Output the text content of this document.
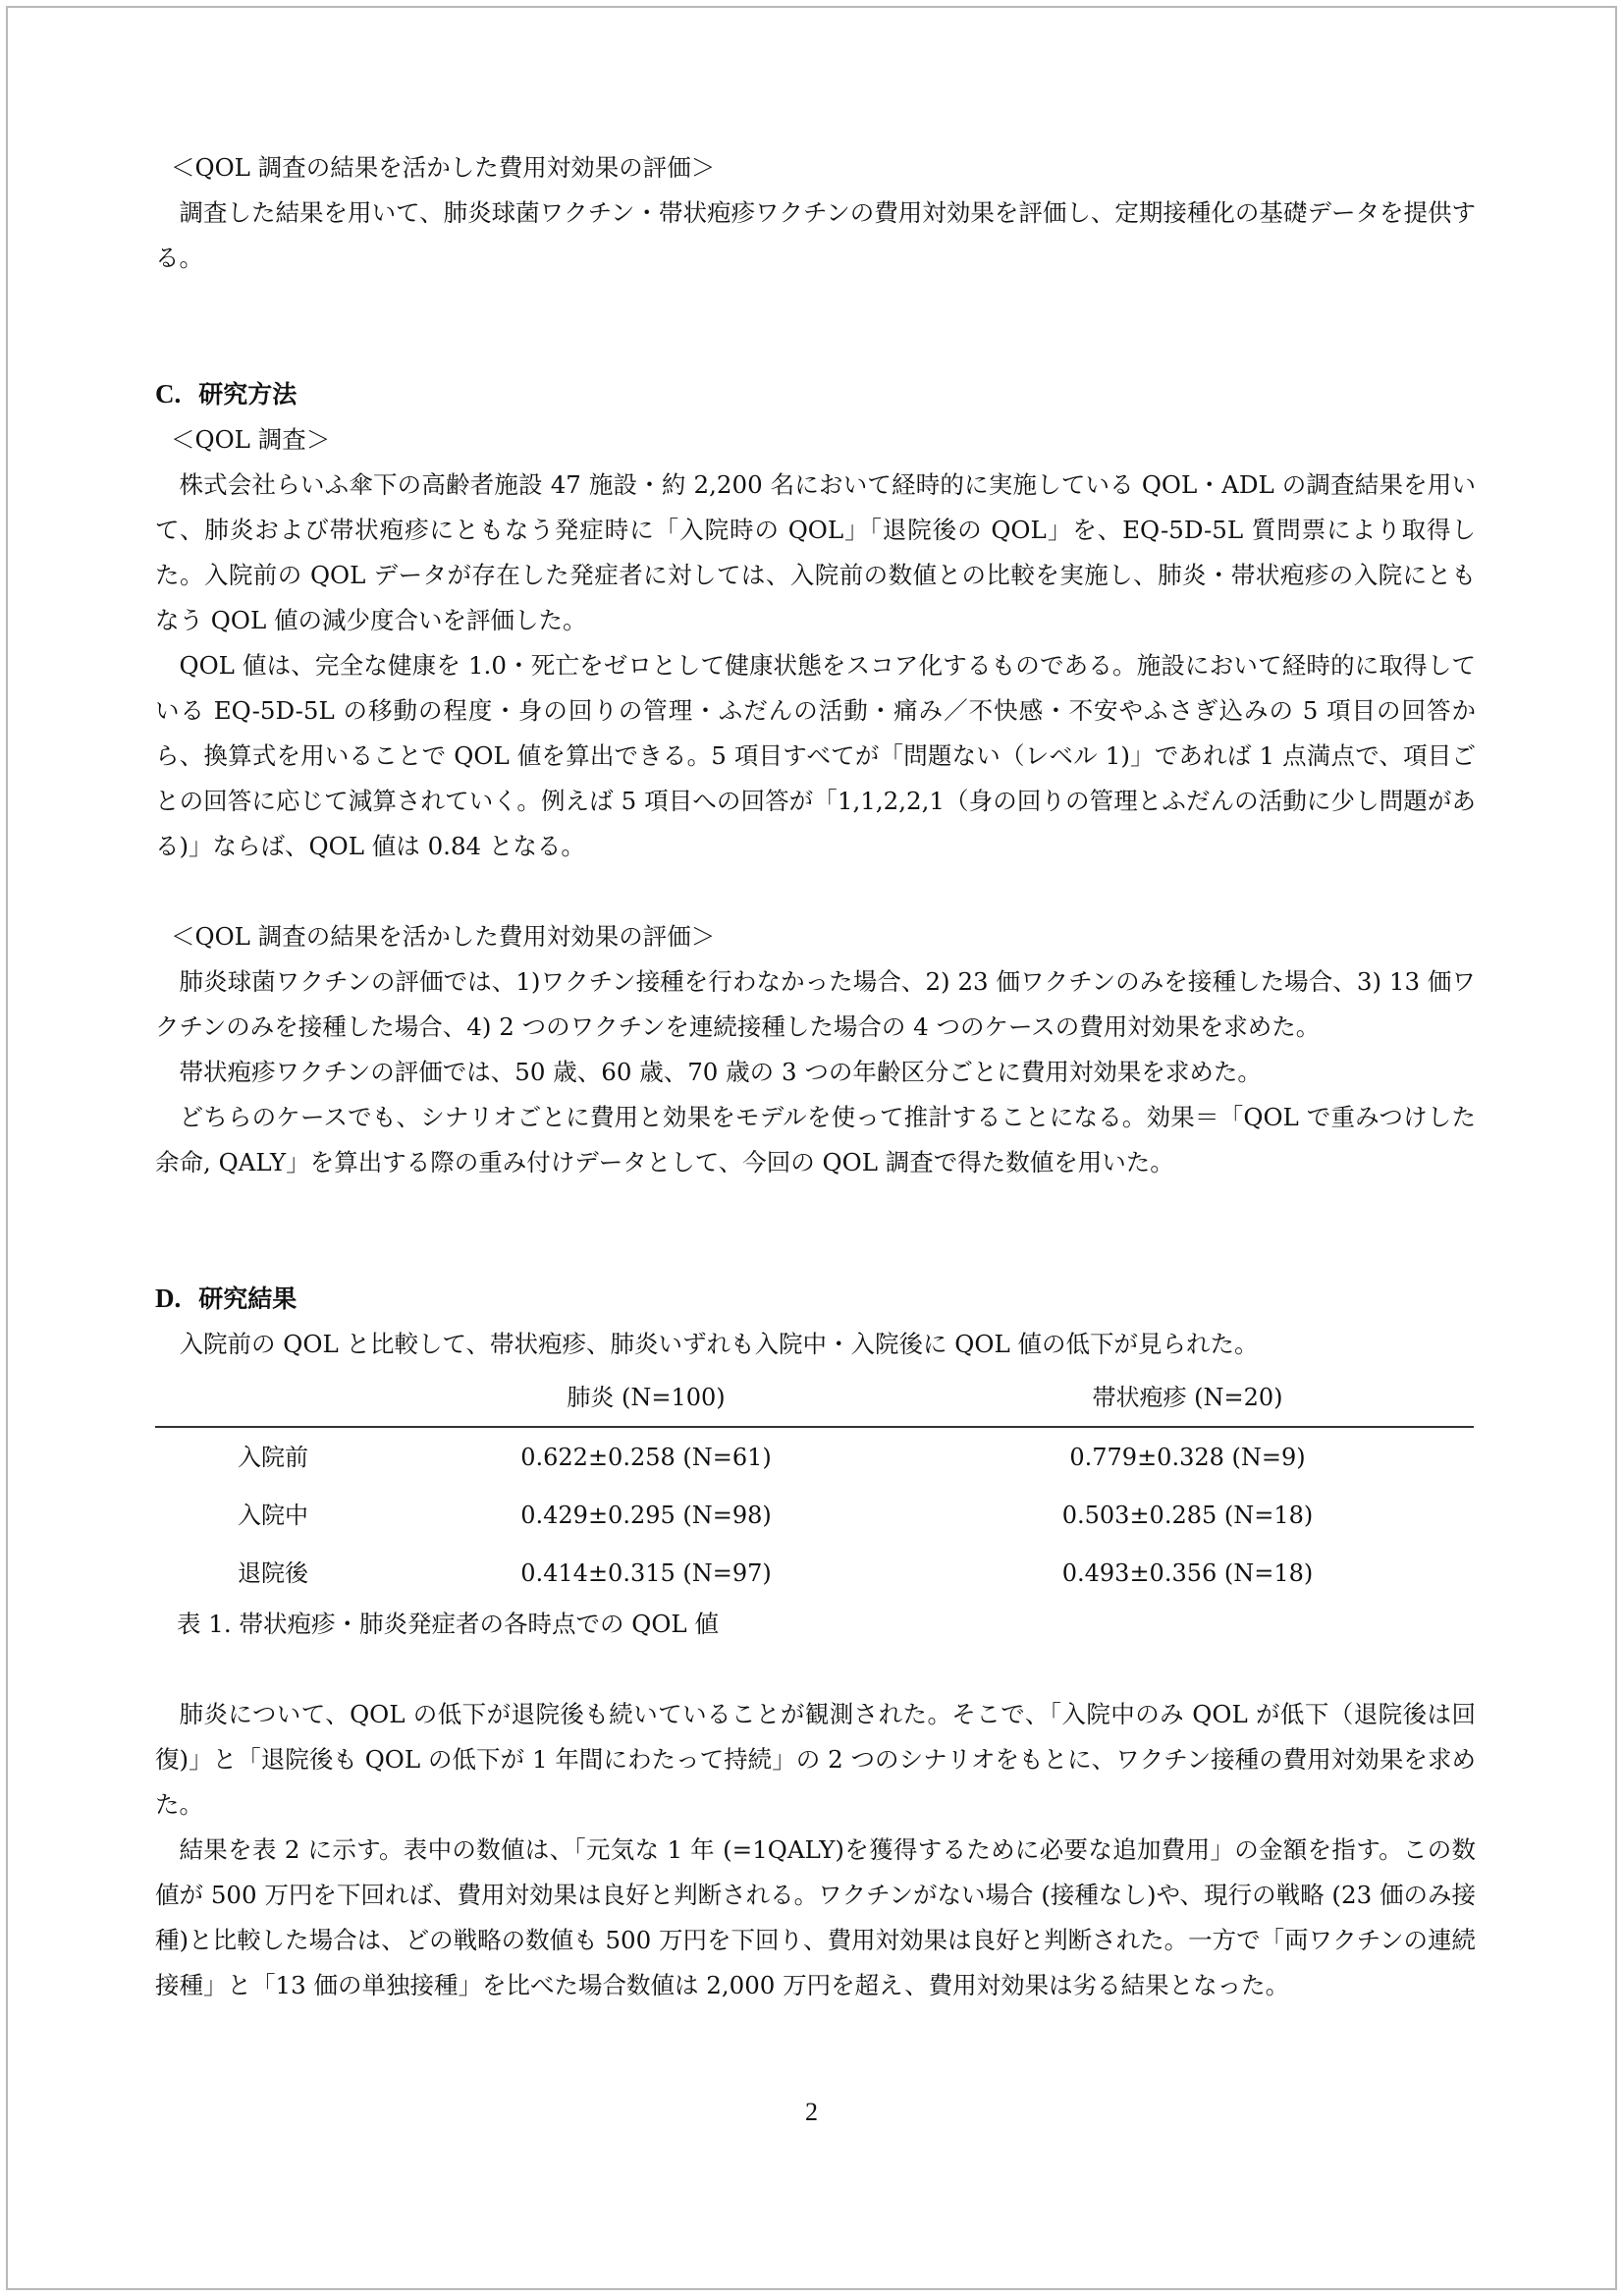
＜QOL 調査の結果を活かした費用対効果の評価＞

調査した結果を用いて、肺炎球菌ワクチン・帯状疱疹ワクチンの費用対効果を評価し、定期接種化の基礎データを提供する。

C. 研究方法

＜QOL 調査＞

株式会社らいふ傘下の高齢者施設 47 施設・約 2,200 名において経時的に実施している QOL・ADL の調査結果を用いて、肺炎および帯状疱疹にともなう発症時に「入院時の QOL」「退院後の QOL」を、EQ-5D-5L 質問票により取得した。入院前の QOL データが存在した発症者に対しては、入院前の数値との比較を実施し、肺炎・帯状疱疹の入院にともなう QOL 値の減少度合いを評価した。

QOL 値は、完全な健康を 1.0・死亡をゼロとして健康状態をスコア化するものである。施設において経時的に取得している EQ-5D-5L の移動の程度・身の回りの管理・ふだんの活動・痛み／不快感・不安やふさぎ込みの 5 項目の回答から、換算式を用いることで QOL 値を算出できる。5 項目すべてが「問題ない（レベル 1)」であれば 1 点満点で、項目ごとの回答に応じて減算されていく。例えば 5 項目への回答が「1,1,2,2,1（身の回りの管理とふだんの活動に少し問題がある)」ならば、QOL 値は 0.84 となる。

＜QOL 調査の結果を活かした費用対効果の評価＞

肺炎球菌ワクチンの評価では、1)ワクチン接種を行わなかった場合、2) 23 価ワクチンのみを接種した場合、3) 13 価ワクチンのみを接種した場合、4) 2 つのワクチンを連続接種した場合の 4 つのケースの費用対効果を求めた。

帯状疱疹ワクチンの評価では、50 歳、60 歳、70 歳の 3 つの年齢区分ごとに費用対効果を求めた。

どちらのケースでも、シナリオごとに費用と効果をモデルを使って推計することになる。効果＝「QOL で重みつけした余命, QALY」を算出する際の重み付けデータとして、今回の QOL 調査で得た数値を用いた。

D. 研究結果

入院前の QOL と比較して、帯状疱疹、肺炎いずれも入院中・入院後に QOL 値の低下が見られた。

	肺炎 (N=100)	帯状疱疹 (N=20)
入院前	0.622±0.258 (N=61)	0.779±0.328 (N=9)
入院中	0.429±0.295 (N=98)	0.503±0.285 (N=18)
退院後	0.414±0.315 (N=97)	0.493±0.356 (N=18)

表 1. 帯状疱疹・肺炎発症者の各時点での QOL 値

肺炎について、QOL の低下が退院後も続いていることが観測された。そこで、「入院中のみ QOL が低下（退院後は回復)」と「退院後も QOL の低下が 1 年間にわたって持続」の 2 つのシナリオをもとに、ワクチン接種の費用対効果を求めた。

結果を表 2 に示す。表中の数値は、「元気な 1 年 (=1QALY)を獲得するために必要な追加費用」の金額を指す。この数値が 500 万円を下回れば、費用対効果は良好と判断される。ワクチンがない場合 (接種なし)や、現行の戦略 (23 価のみ接種)と比較した場合は、どの戦略の数値も 500 万円を下回り、費用対効果は良好と判断された。一方で「両ワクチンの連続接種」と「13 価の単独接種」を比べた場合数値は 2,000 万円を超え、費用対効果は劣る結果となった。

2
